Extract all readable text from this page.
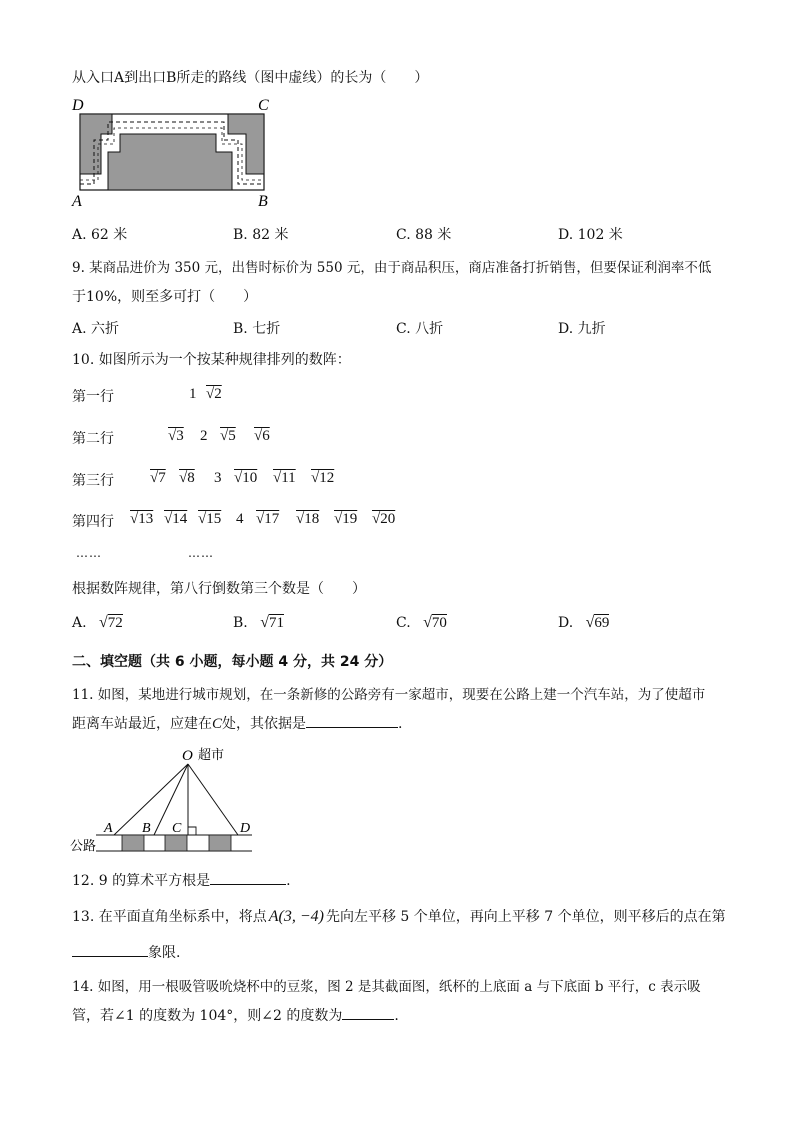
从入口A到出口B所走的路线（图中虚线）的长为（　　）
D	C
A	B
A. 62 米	B. 82 米	C. 88 米	D. 102 米
9. 某商品进价为 350 元，出售时标价为 550 元，由于商品积压，商店准备打折销售，但要保证利润率不低
于10%，则至多可打（　　）
A. 六折	B. 七折	C. 八折	D. 九折
10. 如图所示为一个按某种规律排列的数阵：
第一行	1 √2
第二行	√3 2 √5 √6
第三行 √7 √8 3 √10 √11 √12
第四行 √13 √14 √15 4 √17 √18 √19 √20
……	……
根据数阵规律，第八行倒数第三个数是（　　）
A. √72	B. √71	C. √70	D. √69
二、填空题（共 6 小题，每小题 4 分，共 24 分）
11. 如图，某地进行城市规划，在一条新修的公路旁有一家超市，现要在公路上建一个汽车站，为了使超市
距离车站最近，应建在C处，其依据是	.
O 超市
A B C	D
公路
12. 9 的算术平方根是	.
13. 在平面直角坐标系中，将点 A(3, −4) 先向左平移 5 个单位，再向上平移 7 个单位，则平移后的点在第
象限.
14. 如图，用一根吸管吸吮烧杯中的豆浆，图 2 是其截面图，纸杯的上底面 a 与下底面 b 平行，c 表示吸
管，若∠1 的度数为 104°，则∠2 的度数为	.
